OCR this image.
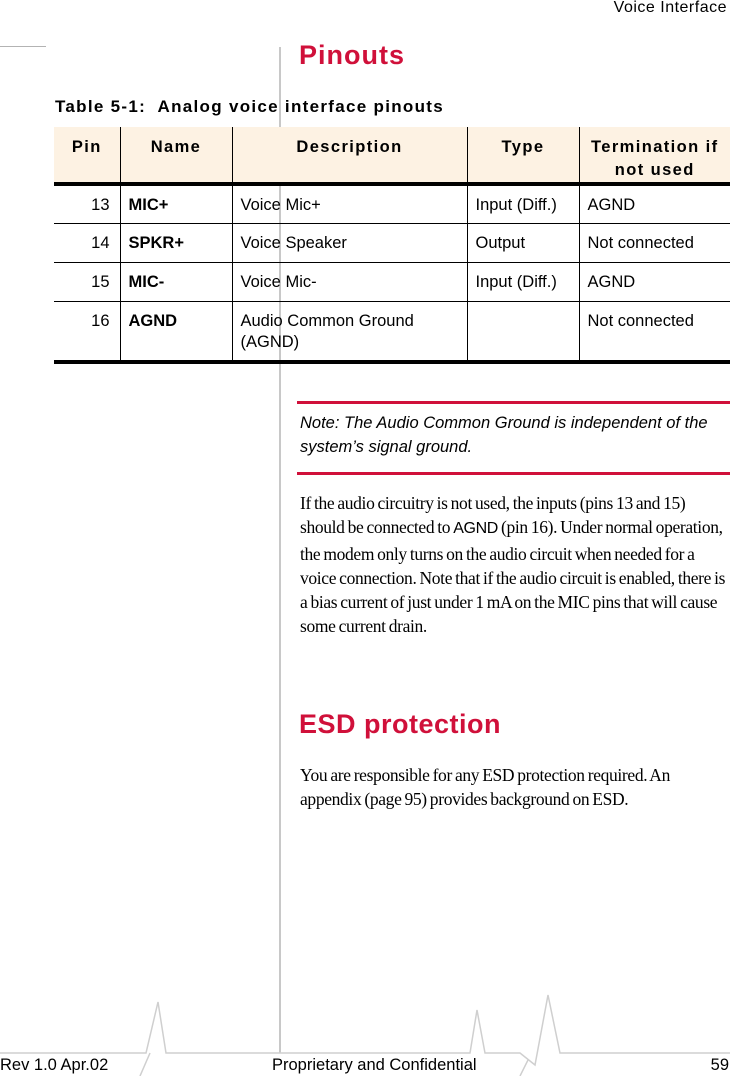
Voice Interface
Pinouts
Table 5-1:  Analog voice interface pinouts
Pin	Name	Description	Type	Termination if not used
13	MIC+	Voice Mic+	Input (Diff.)	AGND
14	SPKR+	Voice Speaker	Output	Not connected
15	MIC-	Voice Mic-	Input (Diff.)	AGND
16	AGND	Audio Common Ground (AGND)		Not connected
Note: The Audio Common Ground is independent of the system’s signal ground.

If the audio circuitry is not used, the inputs (pins 13 and 15) should be connected to AGND (pin 16). Under normal operation, the modem only turns on the audio circuit when needed for a voice connection. Note that if the audio circuit is enabled, there is a bias current of just under 1 mA on the MIC pins that will cause some current drain.

ESD protection

You are responsible for any ESD protection required. An appendix (page 95) provides background on ESD.

Rev 1.0 Apr.02	Proprietary and Confidential	59
